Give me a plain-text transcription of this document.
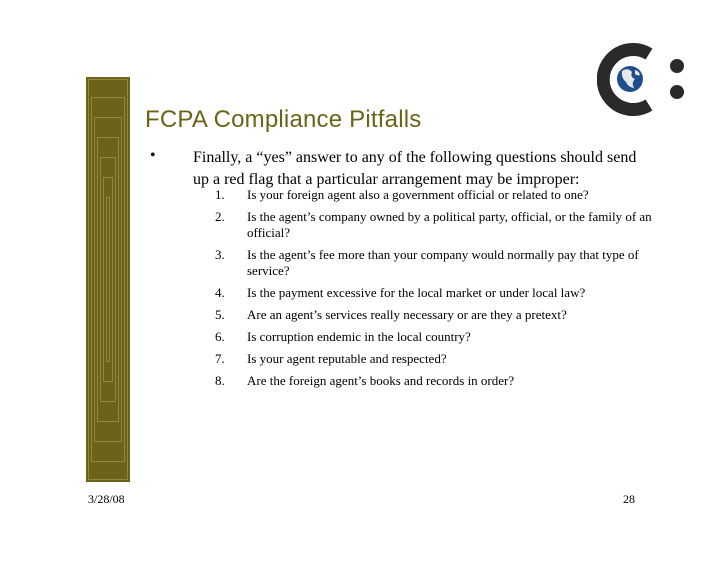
FCPA Compliance Pitfalls
• Finally, a “yes” answer to any of the following questions should send up a red flag that a particular arrangement may be improper:
1.	Is your foreign agent also a government official or related to one?
2.	Is the agent’s company owned by a political party, official, or the family of an official?
3.	Is the agent’s fee more than your company would normally pay that type of service?
4.	Is the payment excessive for the local market or under local law?
5.	Are an agent’s services really necessary or are they a pretext?
6.	Is corruption endemic in the local country?
7.	Is your agent reputable and respected?
8.	Are the foreign agent’s books and records in order?
3/28/08	28
